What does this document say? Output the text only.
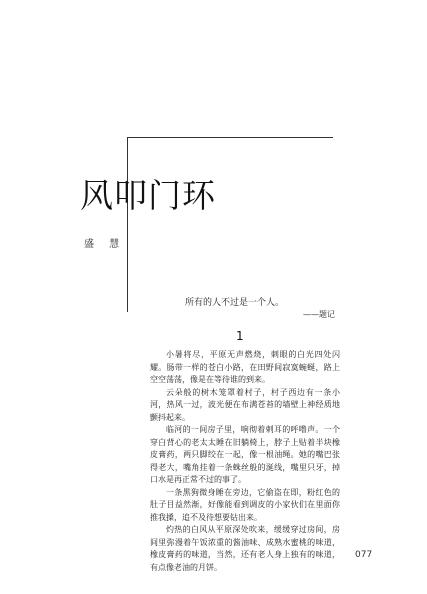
风叩门环
盛 慧
所有的人不过是一个人。
——题记
1

小暑将尽，平原无声燃烧，刺眼的白光四处闪耀。肠带一样的苍白小路，在田野间寂寞蜿蜒，路上空空荡荡，像是在等待谁的到来。

云朵般的树木笼罩着村子，村子西边有一条小河，热风一过，波光便在布满苍苔的墙壁上神经质地颤抖起来。

临河的一间房子里，响彻着剌耳的呼噜声。一个穿白背心的老太太睡在旧躺椅上，脖子上贴着半块橡皮膏药，两只脚绞在一起，像一根油绳。她的嘴巴张得老大，嘴角挂着一条蛛丝般的涎线，嘴里只牙，掉口水是再正常不过的事了。

一条黑狗微身睡在旁边，它偷盗在即，粉红色的肚子目益然渐，好像能看到调皮的小家伙们在里面你推我搡，追不及待想要钻出来。

灼热的白风从平原深处吹来，缓缓穿过房间，房间里弥漫着午饭浓重的酱油味、成熟水蜜桃的味道，橡皮膏药的味道，当然，还有老人身上独有的味道，有点像老油的月饼。

077
